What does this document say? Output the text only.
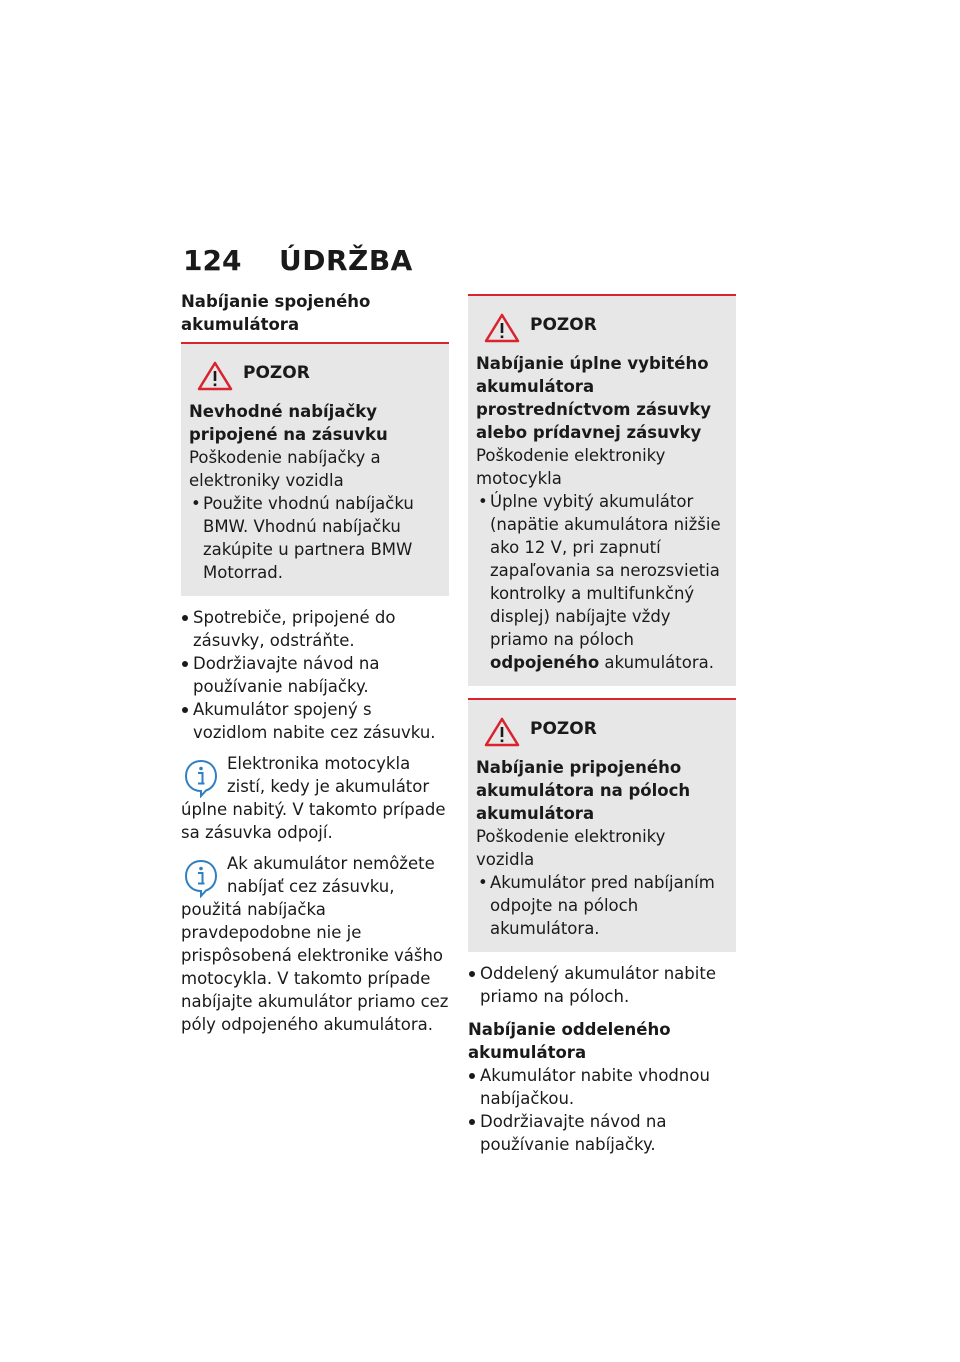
124	ÚDRŽBA

Nabíjanie spojeného akumulátora

POZOR

Nevhodné nabíjačky pripojené na zásuvku

Poškodenie nabíjačky a elektroniky vozidla

• Použite vhodnú nabíjačku BMW. Vhodnú nabíjačku zakúpite u partnera BMW Motorrad.
Spotrebiče, pripojené do zásuvky, odstráňte.
Dodržiavajte návod na používanie nabíjačky.
Akumulátor spojený s vozidlom nabite cez zásuvku.

Elektronika motocykla zistí, kedy je akumulátor úplne nabitý. V takomto prípade sa zásuvka odpojí.

Ak akumulátor nemôžete nabíjať cez zásuvku, použitá nabíjačka pravdepodobne nie je prispôsobená elektronike vášho motocykla. V takomto prípade nabíjajte akumulátor priamo cez póly odpojeného akumulátora.

POZOR

Nabíjanie úplne vybitého akumulátora prostredníctvom zásuvky alebo prídavnej zásuvky

Poškodenie elektroniky motocykla

• Úplne vybitý akumulátor (napätie akumulátora nižšie ako 12 V, pri zapnutí zapaľovania sa nerozsvietia kontrolky a multifunkčný displej) nabíjajte vždy priamo na póloch odpojeného akumulátora.
POZOR

Nabíjanie pripojeného akumulátora na póloch akumulátora

Poškodenie elektroniky vozidla

• Akumulátor pred nabíjaním odpojte na póloch akumulátora.
Oddelený akumulátor nabite priamo na póloch.

Nabíjanie oddeleného akumulátora

Akumulátor nabite vhodnou nabíjačkou.
Dodržiavajte návod na používanie nabíjačky.
